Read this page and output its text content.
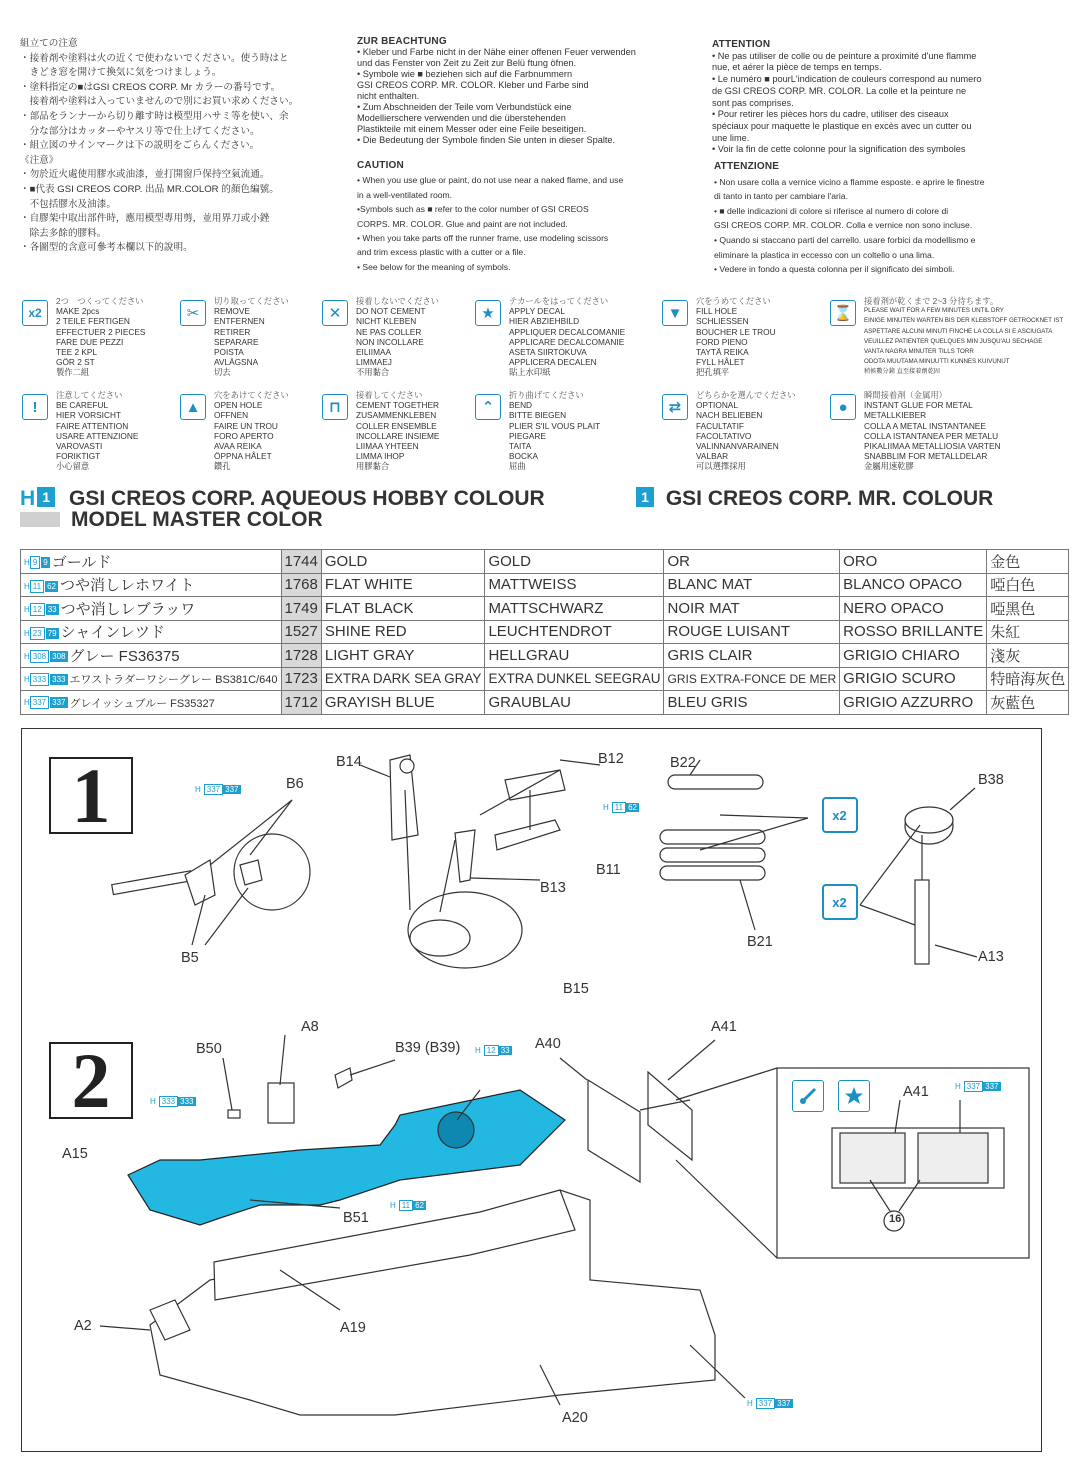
組立ての注意
・接着剤や塗料は火の近くで使わないでください。使う時はと
　きどき窓を開けて換気に気をつけましょう。
・塗料指定の■はGSI CREOS CORP. Mr カラーの番号です。
　接着剤や塗料は入っていませんので別にお買い求めください。
・部品をランナーから切り離す時は模型用ハサミ等を使い、余
　分な部分はカッターやヤスリ等で仕上げてください。
・組立図のサインマークは下の説明をごらんください。
《注意》
・勿於近火處使用膠水或油漆，並打開窗戶保持空氣流通。
・■代表 GSI CREOS CORP. 出品 MR.COLOR 的顏色編號。
　不包括膠水及油漆。
・自膠架中取出部件時，應用模型專用剪，並用界刀或小銼
　除去多餘的膠料。
・各圖型的含意可參考本欄以下的說明。
ZUR BEACHTUNG
• Kleber und Farbe nicht in der Nähe einer offenen Feuer verwenden
und das Fenster von Zeit zu Zeit zur Belü ftung öfnen.
• Symbole wie ■ beziehen sich auf die Farbnummern
GSI CREOS CORP. MR. COLOR. Kleber und Farbe sind
nicht enthalten.
• Zum Abschneiden der Teile vom Verbundstück eine
Modellierschere verwenden und die überstehenden
Plastikteile mit einem Messer oder eine Feile beseitigen.
• Die Bedeutung der Symbole finden Sie unten in dieser Spalte.
CAUTION
• When you use glue or paint, do not use near a naked flame, and use
in a well-ventilated room.
•Symbols such as ■ refer to the color number of GSI CREOS
CORPS. MR. COLOR. Glue and paint are not included.
• When you take parts off the runner frame, use modeling scissors
and trim excess plastic with a cutter or a file.
• See below for the meaning of symbols.
ATTENTION
• Ne pas utiliser de colle ou de peinture a proximité d'une flamme
nue, et aérer la pièce de temps en temps.
• Le numéro ■ pourL'indication de couleurs correspond au numero
de GSI CREOS CORP. MR. COLOR. La colle et la peinture ne
sont pas comprises.
• Pour retirer les pièces hors du cadre, utiliser des ciseaux
spéciaux pour maquette le plastique en excès avec un cutter ou
une lime.
• Voir la fin de cette colonne pour la signification des symboles
ATTENZIONE
• Non usare colla a vernice vicino a flamme esposte. e aprire le finestre
di tanto in tanto per cambiare l'aria.
• ■ delle indicazioni di colore si riferisce al numero di colore di
GSI CREOS CORP. MR. COLOR. Colla e vernice non sono incluse.
• Quando si staccano parti del carrello. usare forbici da modellismo e
eliminare la plastica in eccesso con un coltello o una lima.
• Vedere in fondo a questa colonna per il significato dei simboli.
x2
2つ　つくってください
MAKE 2pcs
2 TEILE FERTIGEN
EFFECTUER 2 PIECES
FARE DUE PEZZI
TEE 2 KPL
GÖR 2 ST
製作二組
✂
切り取ってください
REMOVE
ENTFERNEN
RETIRER
SEPARARE
POISTA
AVLÄGSNA
切去
✕
接着しないでください
DO NOT CEMENT
NICHT KLEBEN
NE PAS COLLER
NON INCOLLARE
EILIIMAA
LIMMAEJ
不用黏合
★
テカールをはってください
APPLY DECAL
HIER ABZIEHBILD
APPLIQUER DECALCOMANIE
APPLICARE DECALCOMANIE
ASETA SIIRTOKUVA
APPLICERA DECALEN
貼上水印紙
▼
穴をうめてください
FILL HOLE
SCHLIESSEN
BOUCHER LE TROU
FORD PIENO
TAYTÄ REIKA
FYLL HÅLET
把孔填平
⌛
接着剤が乾くまで 2~3 分待ちます。
PLEASE WAIT FOR A FEW MINUTES UNTIL DRY
EINIGE MINUTEN WARTEN BIS DER KLEBSTOFF GETROCKNET IST
ASPETTARE ALCUNI MINUTI FINCHE LA COLLA SI E ASCIUGATA
VEUILLEZ PATIENTER QUELQUES MIN JUSQU'AU SECHAGE
VANTA NAGRA MINUTER TILLS TORR
ODOTA MUUTAMA MINUUTTI KUNNES KUIVUNUT
稍候數分鐘 直至接着劑乾固
!
注意してください
BE CAREFUL
HIER VORSICHT
FAIRE ATTENTION
USARE ATTENZIONE
VAROVASTI
FORIKTIGT
小心留意
▲
穴をあけてください
OPEN HOLE
OFFNEN
FAIRE UN TROU
FORO APERTO
AVAA REIKA
ÖPPNA HÅLET
鑽孔
⊓
接着してください
CEMENT TOGETHER
ZUSAMMENKLEBEN
COLLER ENSEMBLE
INCOLLARE INSIEME
LIIMAA YHTEEN
LIMMA IHOP
用膠黏合
⌃
折り曲げてください
BEND
BITTE BIEGEN
PLIER S'IL VOUS PLAIT
PIEGARE
TAITA
BOCKA
屈曲
⇄
どちらかを選んでください
OPTIONAL
NACH BELIEBEN
FACULTATIF
FACOLTATIVO
VALINNANVARAINEN
VALBAR
可以選擇採用
●
瞬間接着剤（金属用）
INSTANT GLUE FOR METAL
METALLKIEBER
COLLA A METAL INSTANTANEE
COLLA ISTANTANEA PER METALU
PIKALIIMAA METALLIOSIA VARTEN
SNABBLIM FOR METALLDELAR
金屬用速乾膠
H 1 GSI CREOS CORP. AQUEOUS HOBBY COLOUR
MODEL MASTER COLOR
1 GSI CREOS CORP. MR. COLOUR
H 9 9 ゴールド	1744	GOLD	GOLD	OR	ORO	金色
H 11 62 つや消しレホワイト	1768	FLAT WHITE	MATTWEISS	BLANC MAT	BLANCO OPACO	啞白色
H 12 33 つや消しレブラッワ	1749	FLAT BLACK	MATTSCHWARZ	NOIR MAT	NERO OPACO	啞黑色
H 23 79 シャインレツド	1527	SHINE RED	LEUCHTENDROT	ROUGE LUISANT	ROSSO BRILLANTE	朱紅
H 308 308 グレー FS36375	1728	LIGHT GRAY	HELLGRAU	GRIS CLAIR	GRIGIO CHIARO	淺灰
H 333 333 エワストラダーワシーグレー BS381C/640	1723	EXTRA DARK SEA GRAY	EXTRA DUNKEL SEEGRAU	GRIS EXTRA-FONCE DE MER	GRIGIO SCURO	特暗海灰色
H 337 337 グレイッシュブルー FS35327	1712	GRAYISH BLUE	GRAUBLAU	BLEU GRIS	GRIGIO AZZURRO	灰藍色
1
2
B6
B14	B12	B22
B38
B11
B13
B5
B15
B21
A13
H 337 337
H 11 62	x2
x2
A8
B50	B39 (B39)	A40
A41
A15
B51
A2	A19
A20
A41
H 333 333
H 12 33
H 11 62
H 337 337
H 337 337
16
